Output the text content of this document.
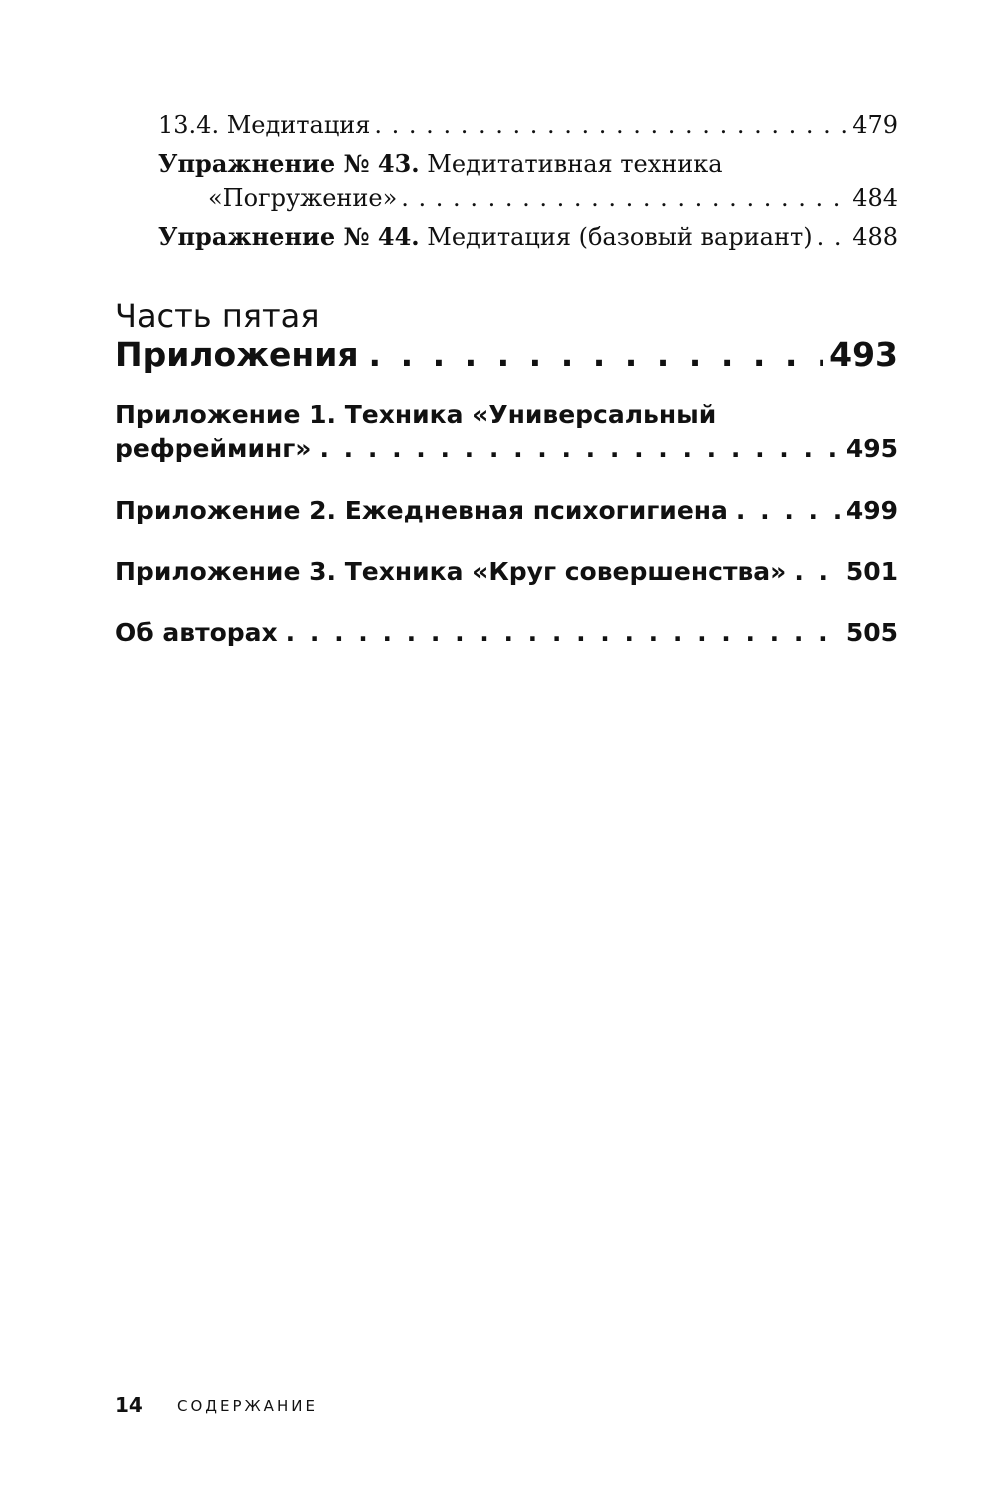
13.4. Медитация . . .	479
Упражнение № 43. Медитативная техника
«Погружение» . . .	484
Упражнение № 44. Медитация (базовый вариант) . . . 488
Часть пятая
Приложения . . .	493
Приложение 1. Техника «Универсальный
рефрейминг» . . .	495
Приложение 2. Ежедневная психогигиена . . .	499
Приложение 3. Техника «Круг совершенства» . . . 501
Об авторах . . .	505
14 СОДЕРЖАНИЕ
